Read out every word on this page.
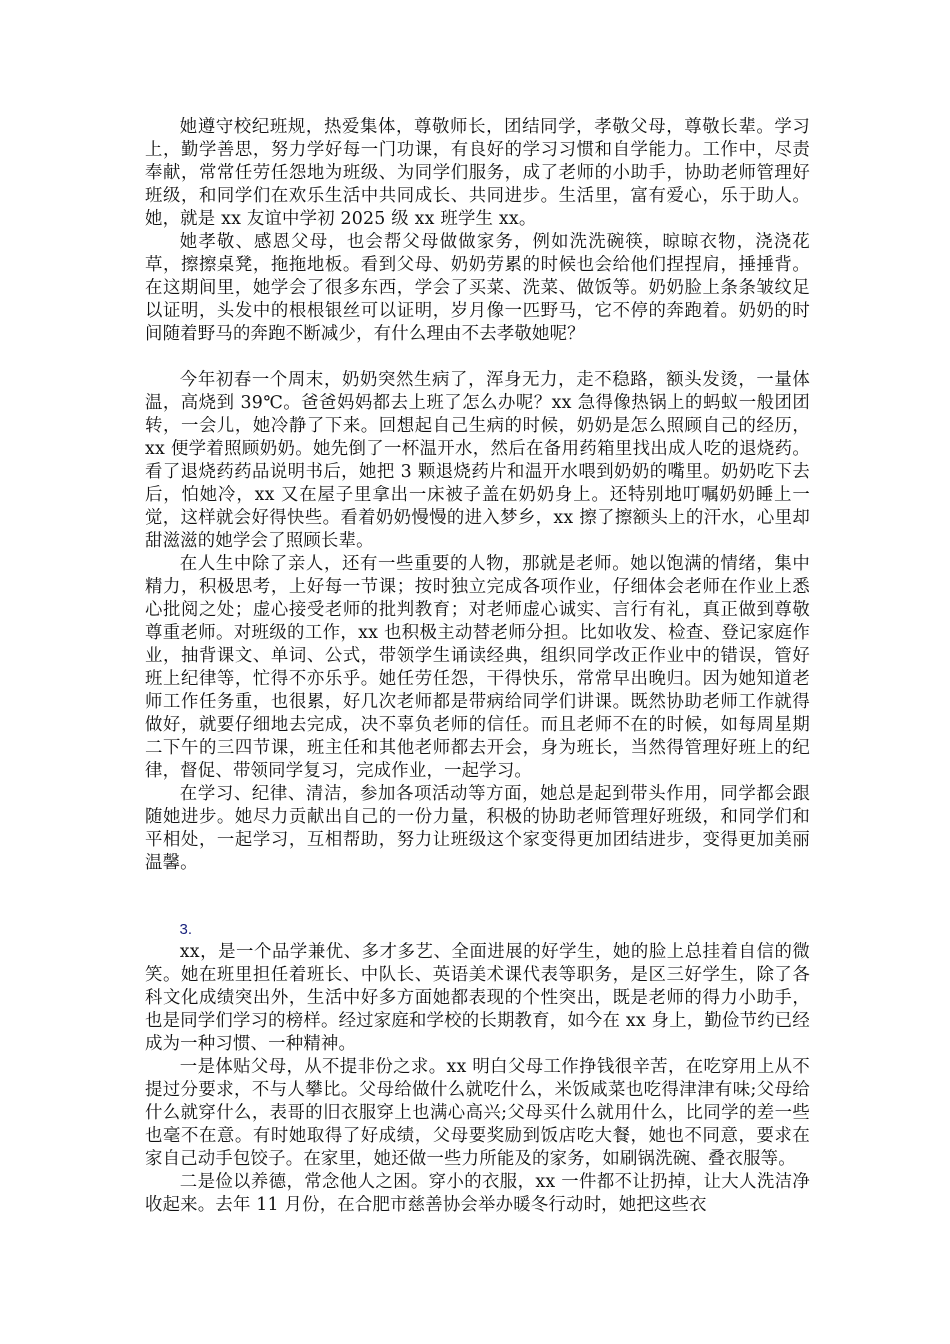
她遵守校纪班规，热爱集体，尊敬师长，团结同学，孝敬父母，尊敬长辈。学习上，勤学善思，努力学好每一门功课，有良好的学习习惯和自学能力。工作中，尽责奉献，常常任劳任怨地为班级、为同学们服务，成了老师的小助手，协助老师管理好班级，和同学们在欢乐生活中共同成长、共同进步。生活里，富有爱心，乐于助人。她，就是 xx 友谊中学初 2025 级 xx 班学生 xx。

她孝敬、感恩父母，也会帮父母做做家务，例如洗洗碗筷，晾晾衣物，浇浇花草，擦擦桌凳，拖拖地板。看到父母、奶奶劳累的时候也会给他们捏捏肩，捶捶背。在这期间里，她学会了很多东西，学会了买菜、洗菜、做饭等。奶奶脸上条条皱纹足以证明，头发中的根根银丝可以证明，岁月像一匹野马，它不停的奔跑着。奶奶的时间随着野马的奔跑不断减少，有什么理由不去孝敬她呢？

今年初春一个周末，奶奶突然生病了，浑身无力，走不稳路，额头发烫，一量体温，高烧到 39℃。爸爸妈妈都去上班了怎么办呢？xx 急得像热锅上的蚂蚁一般团团转，一会儿，她冷静了下来。回想起自己生病的时候，奶奶是怎么照顾自己的经历，xx 便学着照顾奶奶。她先倒了一杯温开水，然后在备用药箱里找出成人吃的退烧药。看了退烧药药品说明书后，她把 3 颗退烧药片和温开水喂到奶奶的嘴里。奶奶吃下去后，怕她冷，xx 又在屋子里拿出一床被子盖在奶奶身上。还特别地叮嘱奶奶睡上一觉，这样就会好得快些。看着奶奶慢慢的进入梦乡，xx 擦了擦额头上的汗水，心里却甜滋滋的她学会了照顾长辈。

在人生中除了亲人，还有一些重要的人物，那就是老师。她以饱满的情绪，集中精力，积极思考，上好每一节课；按时独立完成各项作业，仔细体会老师在作业上悉心批阅之处；虚心接受老师的批判教育；对老师虚心诚实、言行有礼，真正做到尊敬尊重老师。对班级的工作，xx 也积极主动替老师分担。比如收发、检查、登记家庭作业，抽背课文、单词、公式，带领学生诵读经典，组织同学改正作业中的错误，管好班上纪律等，忙得不亦乐乎。她任劳任怨，干得快乐，常常早出晚归。因为她知道老师工作任务重，也很累，好几次老师都是带病给同学们讲课。既然协助老师工作就得做好，就要仔细地去完成，决不辜负老师的信任。而且老师不在的时候，如每周星期二下午的三四节课，班主任和其他老师都去开会，身为班长，当然得管理好班上的纪律，督促、带领同学复习，完成作业，一起学习。

在学习、纪律、清洁，参加各项活动等方面，她总是起到带头作用，同学都会跟随她进步。她尽力贡献出自己的一份力量，积极的协助老师管理好班级，和同学们和平相处，一起学习，互相帮助，努力让班级这个家变得更加团结进步，变得更加美丽温馨。

3.

xx，是一个品学兼优、多才多艺、全面进展的好学生，她的脸上总挂着自信的微笑。她在班里担任着班长、中队长、英语美术课代表等职务，是区三好学生，除了各科文化成绩突出外，生活中好多方面她都表现的个性突出，既是老师的得力小助手，也是同学们学习的榜样。经过家庭和学校的长期教育，如今在 xx 身上，勤俭节约已经成为一种习惯、一种精神。

一是体贴父母，从不提非份之求。xx 明白父母工作挣钱很辛苦，在吃穿用上从不提过分要求，不与人攀比。父母给做什么就吃什么，米饭咸菜也吃得津津有味;父母给什么就穿什么，表哥的旧衣服穿上也满心高兴;父母买什么就用什么，比同学的差一些也毫不在意。有时她取得了好成绩，父母要奖励到饭店吃大餐，她也不同意，要求在家自己动手包饺子。在家里，她还做一些力所能及的家务，如刷锅洗碗、叠衣服等。

二是俭以养德，常念他人之困。穿小的衣服，xx 一件都不让扔掉，让大人洗洁净收起来。去年 11 月份，在合肥市慈善协会举办暖冬行动时，她把这些衣
